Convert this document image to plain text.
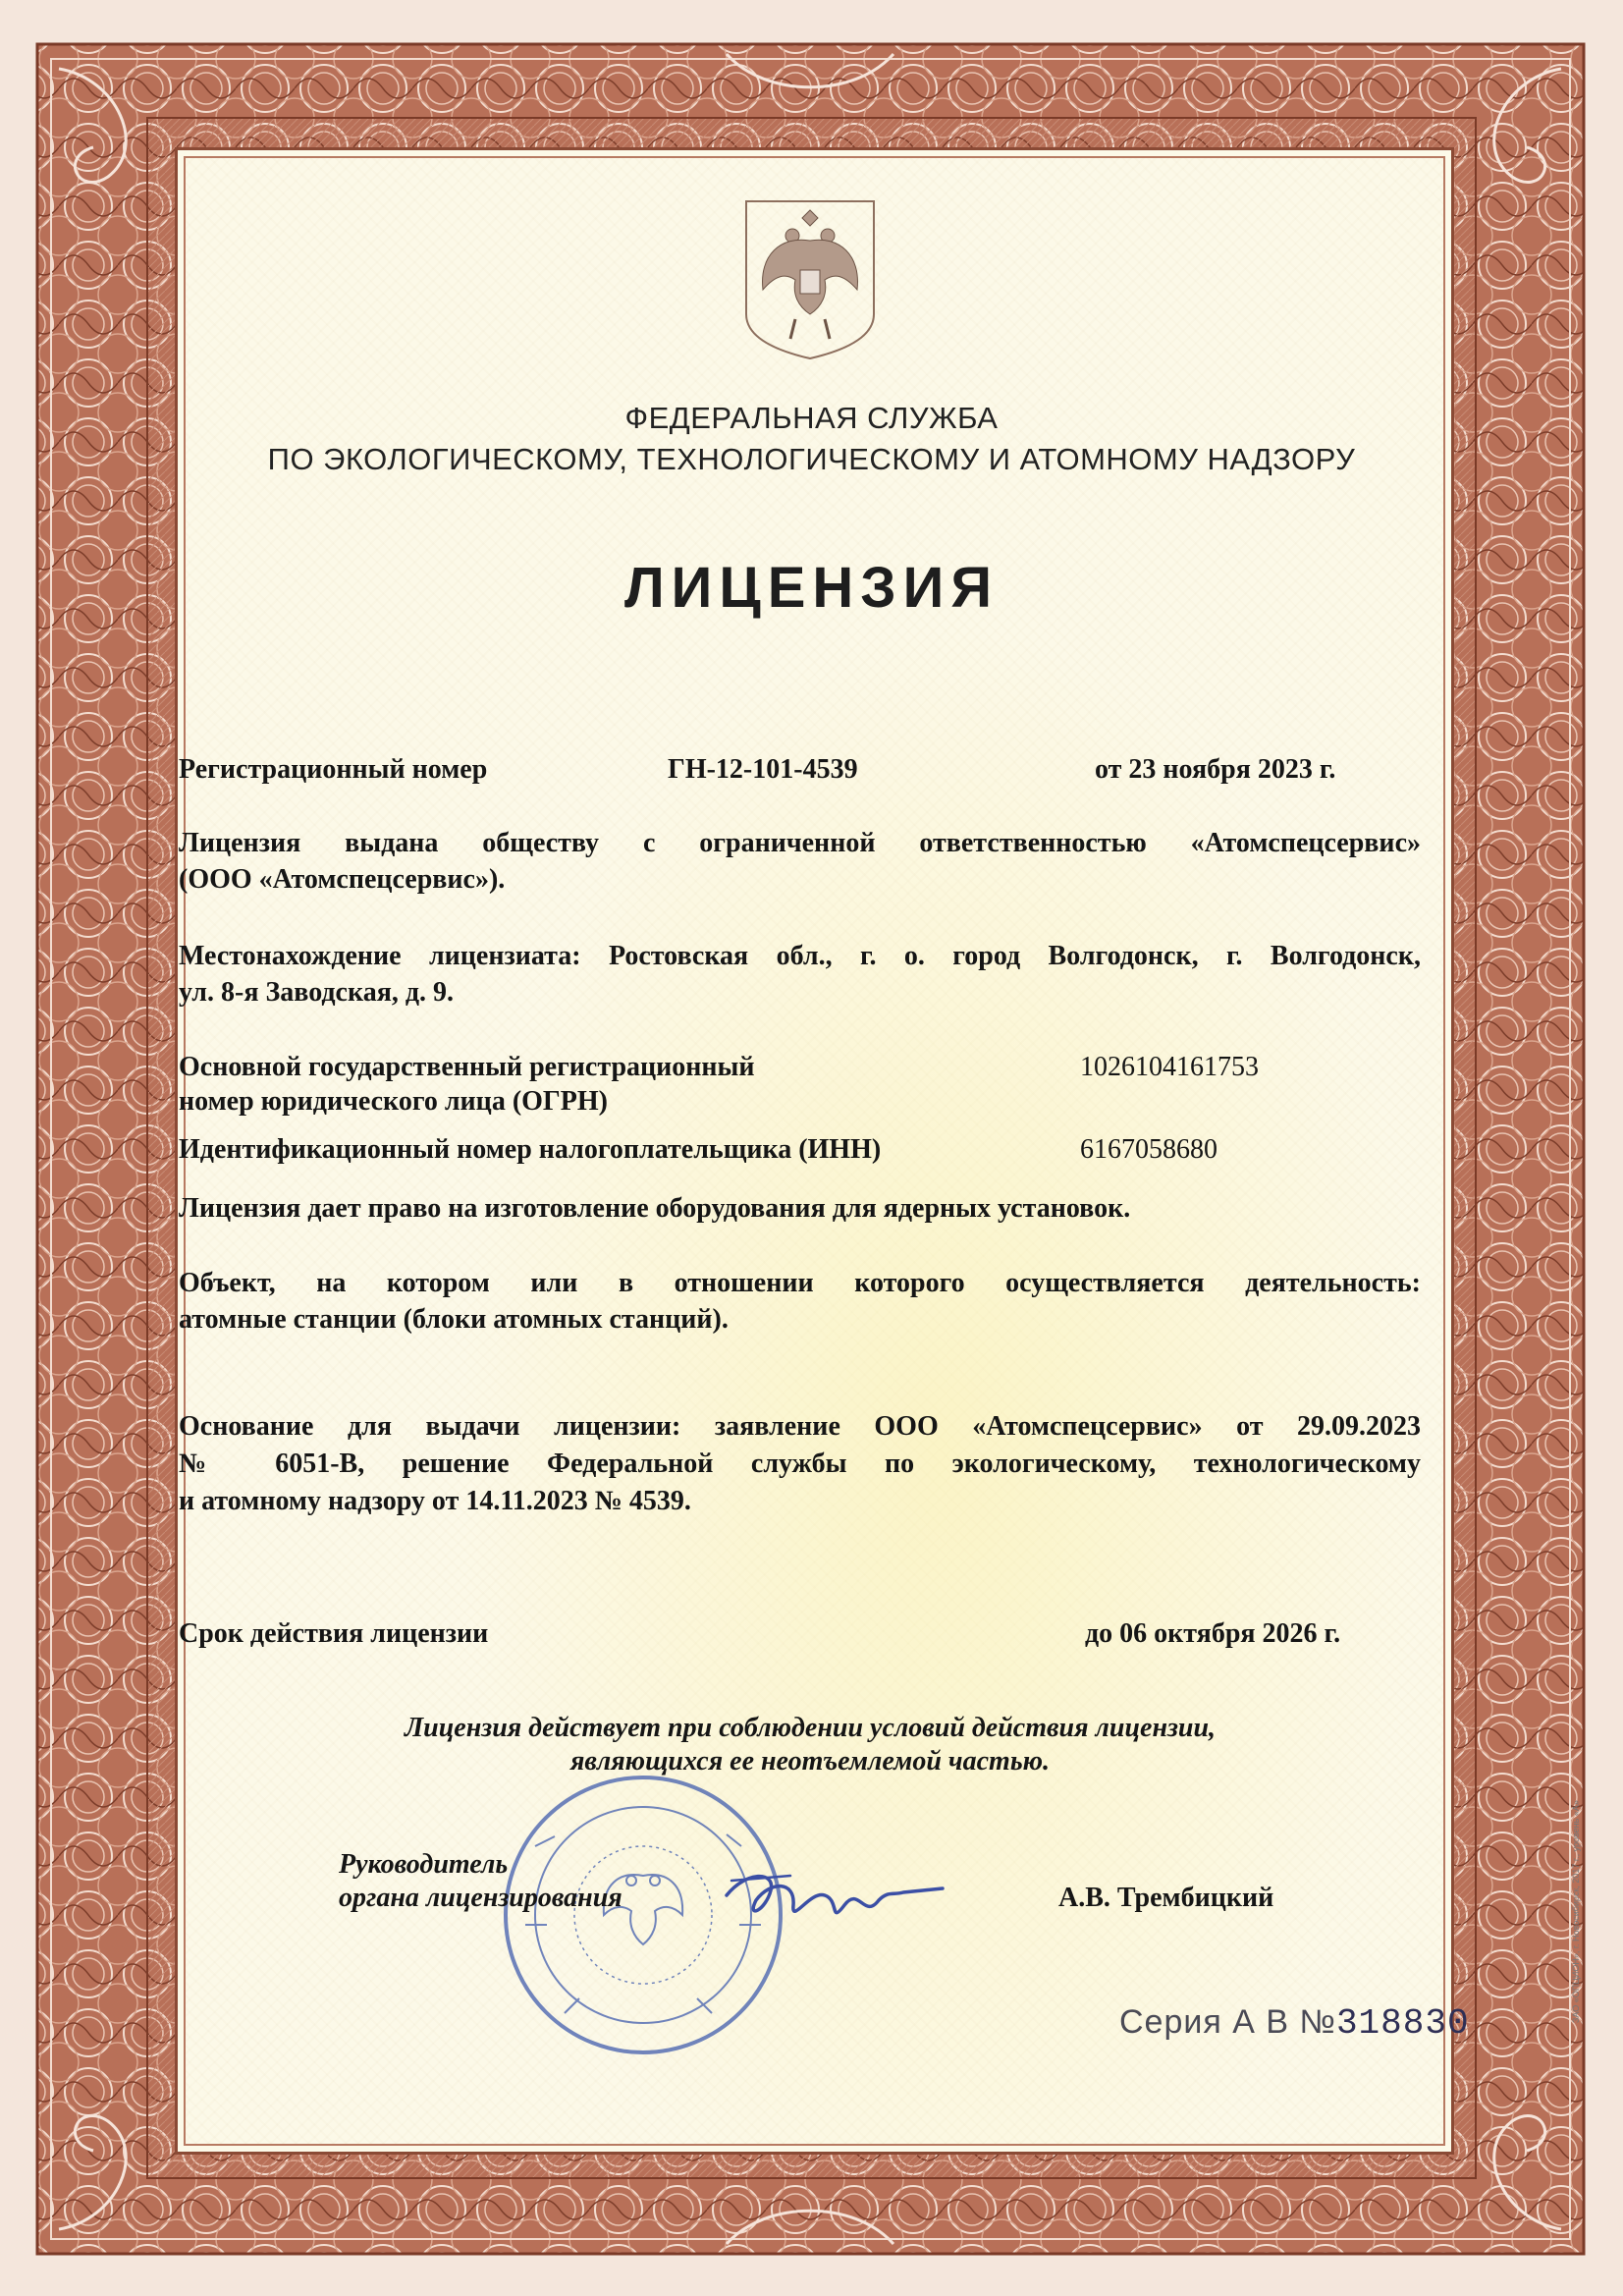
ФЕДЕРАЛЬНАЯ СЛУЖБА
ПО ЭКОЛОГИЧЕСКОМУ, ТЕХНОЛОГИЧЕСКОМУ И АТОМНОМУ НАДЗОРУ
ЛИЦЕНЗИЯ
Регистрационный номер	ГН-12-101-4539	от 23 ноября 2023 г.
Лицензия выдана обществу с ограниченной ответственностью «Атомспецсервис»
(ООО «Атомспецсервис»).
Местонахождение лицензиата: Ростовская обл., г. о. город Волгодонск, г. Волгодонск,
ул. 8-я Заводская, д. 9.
Основной государственный регистрационный
номер юридического лица (ОГРН)
1026104161753
Идентификационный номер налогоплательщика (ИНН)	6167058680
Лицензия дает право на изготовление оборудования для ядерных установок.
Объект, на котором или в отношении которого осуществляется деятельность:
атомные станции (блоки атомных станций).
Основание для выдачи лицензии: заявление ООО «Атомспецсервис» от 29.09.2023
№ 6051-В, решение Федеральной службы по экологическому, технологическому
и атомному надзору от 14.11.2023 № 4539.
Срок действия лицензии	до 06 октября 2026 г.
Лицензия действует при соблюдении условий действия лицензии,
являющихся ее неотъемлемой частью.
Руководитель
органа лицензирования	А.В. Трембицкий
Серия А В №318830
ЗАО «ОПЦИОН», г. Новосибирск, 2017 г., уровень «А»
